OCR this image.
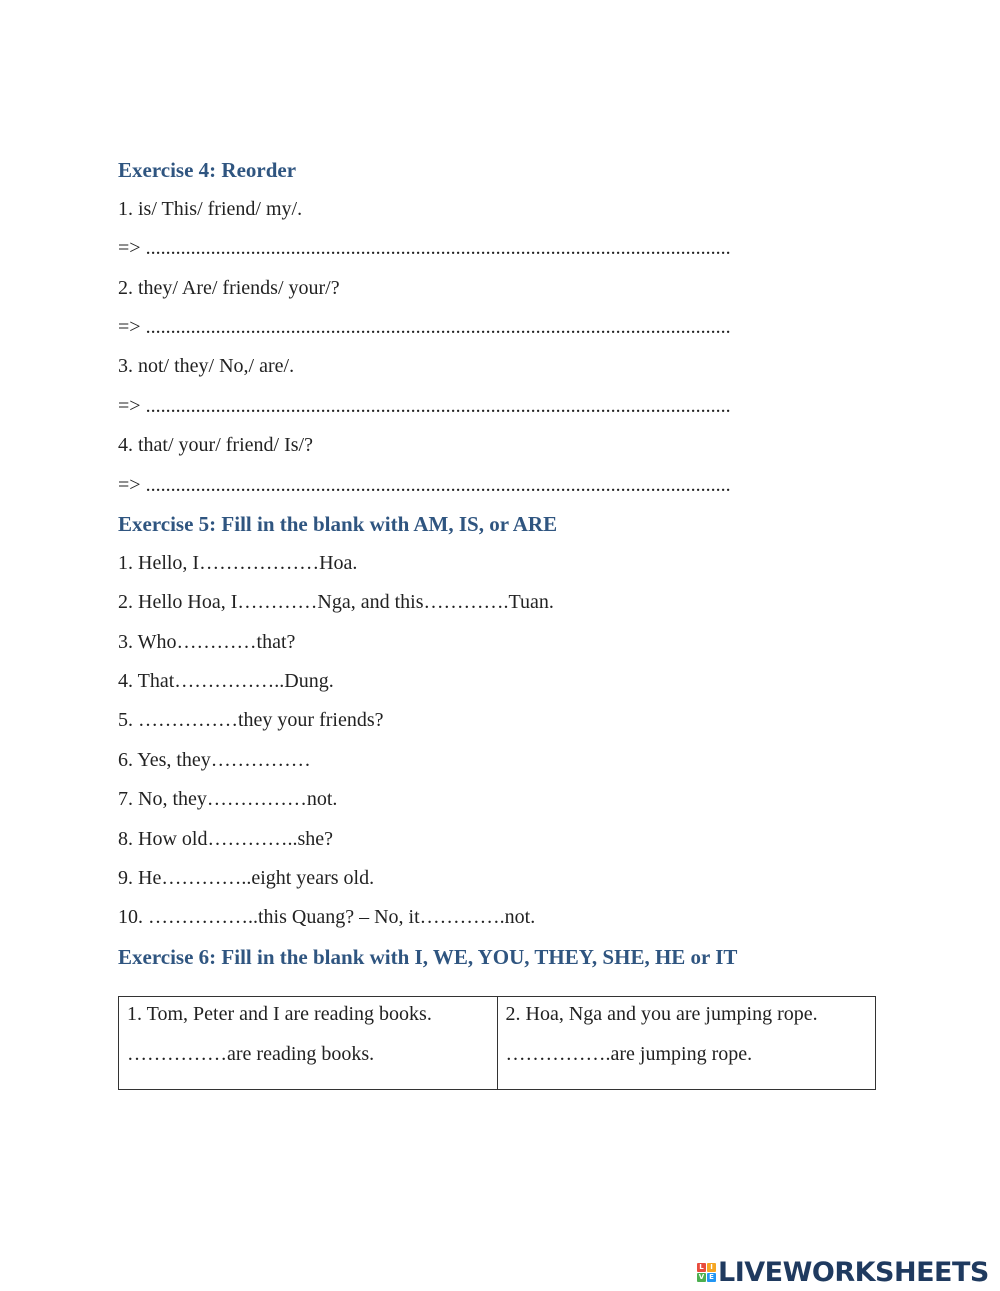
Exercise 4: Reorder
1. is/ This/ friend/ my/.
=> .....................................................................................................................
2. they/ Are/ friends/ your/?
=> .....................................................................................................................
3. not/ they/ No,/ are/.
=> .....................................................................................................................
4. that/ your/ friend/ Is/?
=> .....................................................................................................................
Exercise 5: Fill in the blank with AM, IS, or ARE
1. Hello, I………………Hoa.
2. Hello Hoa, I…………Nga, and this………….Tuan.
3. Who…………that?
4. That……………..Dung.
5. ……………they your friends?
6. Yes, they……………
7. No, they……………not.
8. How old…………..she?
9. He…………..eight years old.
10. ……………..this Quang? – No, it………….not.
Exercise 6: Fill in the blank with I, WE, YOU, THEY, SHE, HE or IT
1. Tom, Peter and I are reading books.
……………are reading books.

2. Hoa, Nga and you are jumping rope.
…………….are jumping rope.
L I
V E LIVEWORKSHEETS
